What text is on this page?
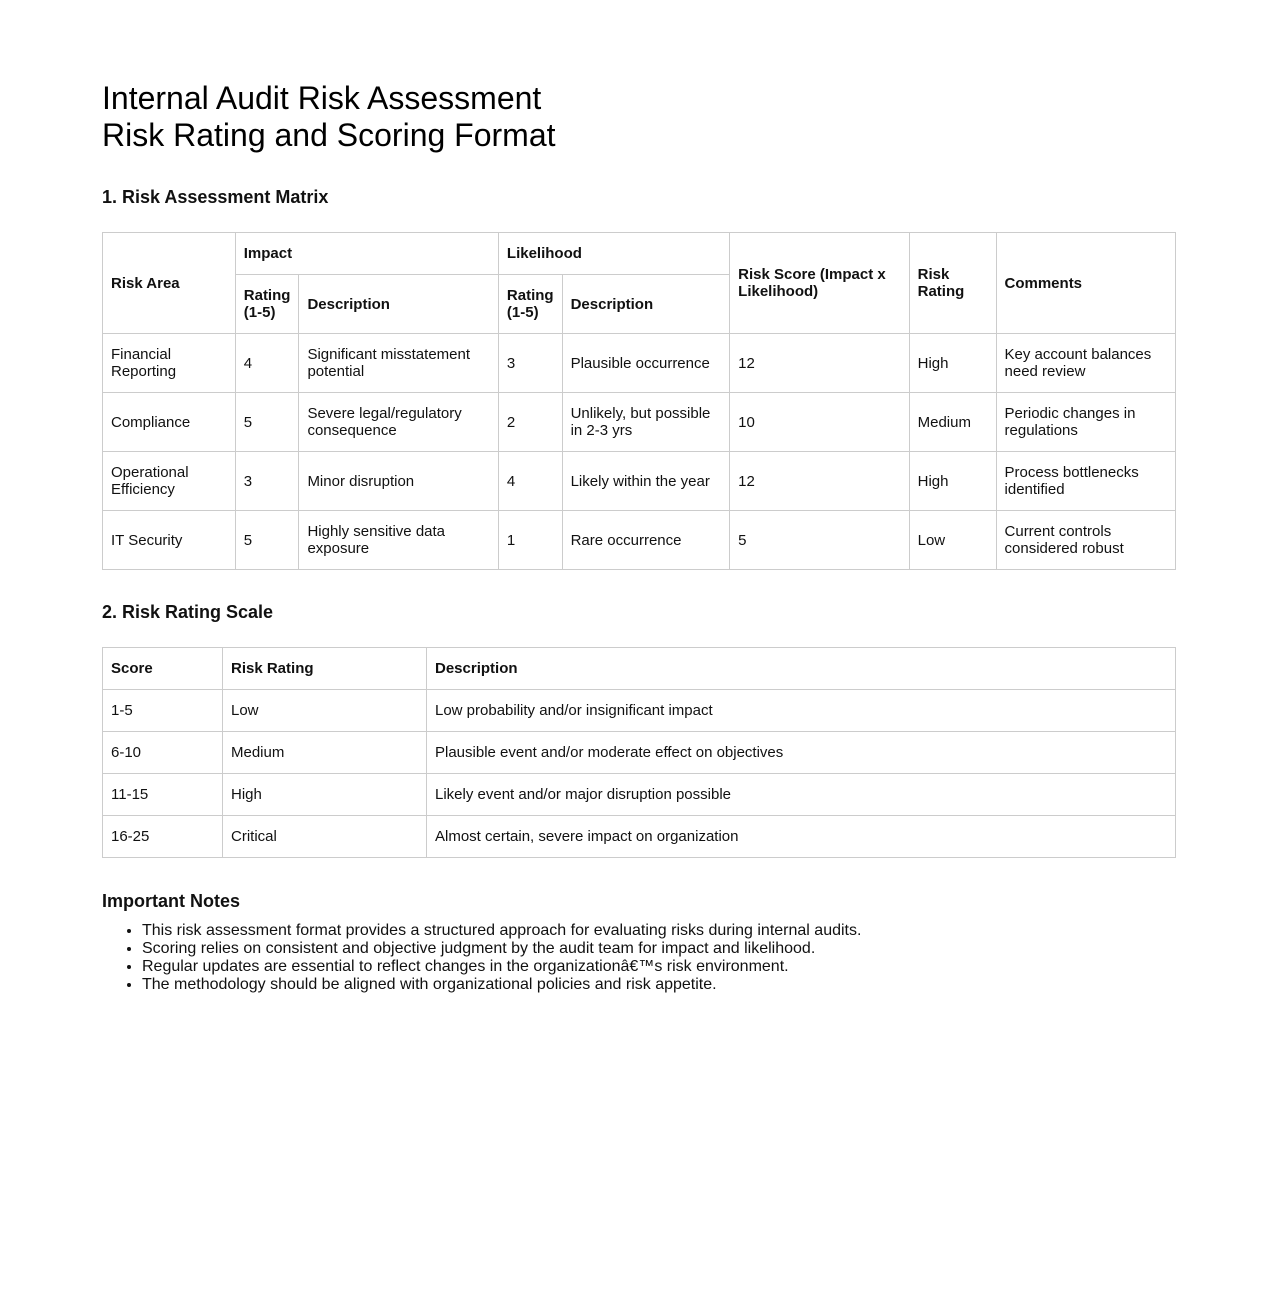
Internal Audit Risk Assessment
Risk Rating and Scoring Format
1. Risk Assessment Matrix
Risk Area	Impact		Likelihood		Risk Score (Impact x Likelihood)	Risk Rating	Comments
	Rating (1-5)	Description	Rating (1-5)	Description			
Financial Reporting	4	Significant misstatement potential	3	Plausible occurrence	12	High	Key account balances need review
Compliance	5	Severe legal/regulatory consequence	2	Unlikely, but possible in 2-3 yrs	10	Medium	Periodic changes in regulations
Operational Efficiency	3	Minor disruption	4	Likely within the year	12	High	Process bottlenecks identified
IT Security	5	Highly sensitive data exposure	1	Rare occurrence	5	Low	Current controls considered robust
2. Risk Rating Scale
Score	Risk Rating	Description
1-5	Low	Low probability and/or insignificant impact
6-10	Medium	Plausible event and/or moderate effect on objectives
11-15	High	Likely event and/or major disruption possible
16-25	Critical	Almost certain, severe impact on organization
Important Notes
• This risk assessment format provides a structured approach for evaluating risks during internal audits.
• Scoring relies on consistent and objective judgment by the audit team for impact and likelihood.
• Regular updates are essential to reflect changes in the organizationâ€™s risk environment.
• The methodology should be aligned with organizational policies and risk appetite.
